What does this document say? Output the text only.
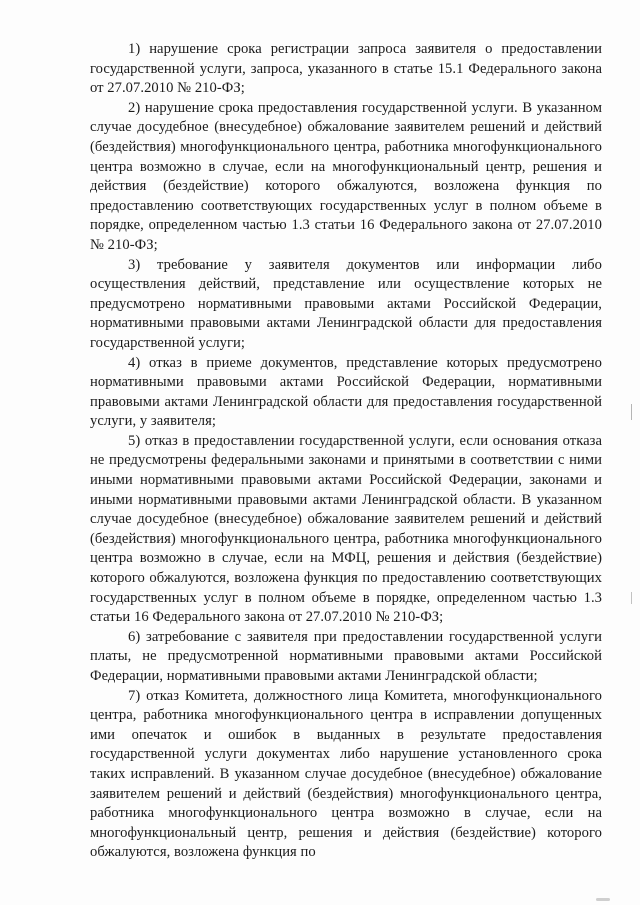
1) нарушение срока регистрации запроса заявителя о предоставлении государственной услуги, запроса, указанного в статье 15.1 Федерального закона от 27.07.2010 № 210-ФЗ;

2) нарушение срока предоставления государственной услуги. В указанном случае досудебное (внесудебное) обжалование заявителем решений и действий (бездействия) многофункционального центра, работника многофункционального центра возможно в случае, если на многофункциональный центр, решения и действия (бездействие) которого обжалуются, возложена функция по предоставлению соответствующих государственных услуг в полном объеме в порядке, определенном частью 1.3 статьи 16 Федерального закона от 27.07.2010 № 210-ФЗ;

3) требование у заявителя документов или информации либо осуществления действий, представление или осуществление которых не предусмотрено нормативными правовыми актами Российской Федерации, нормативными правовыми актами Ленинградской области для предоставления государственной услуги;

4) отказ в приеме документов, представление которых предусмотрено нормативными правовыми актами Российской Федерации, нормативными правовыми актами Ленинградской области для предоставления государственной услуги, у заявителя;

5) отказ в предоставлении государственной услуги, если основания отказа не предусмотрены федеральными законами и принятыми в соответствии с ними иными нормативными правовыми актами Российской Федерации, законами и иными нормативными правовыми актами Ленинградской области. В указанном случае досудебное (внесудебное) обжалование заявителем решений и действий (бездействия) многофункционального центра, работника многофункционального центра возможно в случае, если на МФЦ, решения и действия (бездействие) которого обжалуются, возложена функция по предоставлению соответствующих государственных услуг в полном объеме в порядке, определенном частью 1.3 статьи 16 Федерального закона от 27.07.2010 № 210-ФЗ;

6) затребование с заявителя при предоставлении государственной услуги платы, не предусмотренной нормативными правовыми актами Российской Федерации, нормативными правовыми актами Ленинградской области;

7) отказ Комитета, должностного лица Комитета, многофункционального центра, работника многофункционального центра в исправлении допущенных ими опечаток и ошибок в выданных в результате предоставления государственной услуги документах либо нарушение установленного срока таких исправлений. В указанном случае досудебное (внесудебное) обжалование заявителем решений и действий (бездействия) многофункционального центра, работника многофункционального центра возможно в случае, если на многофункциональный центр, решения и действия (бездействие) которого обжалуются, возложена функция по
